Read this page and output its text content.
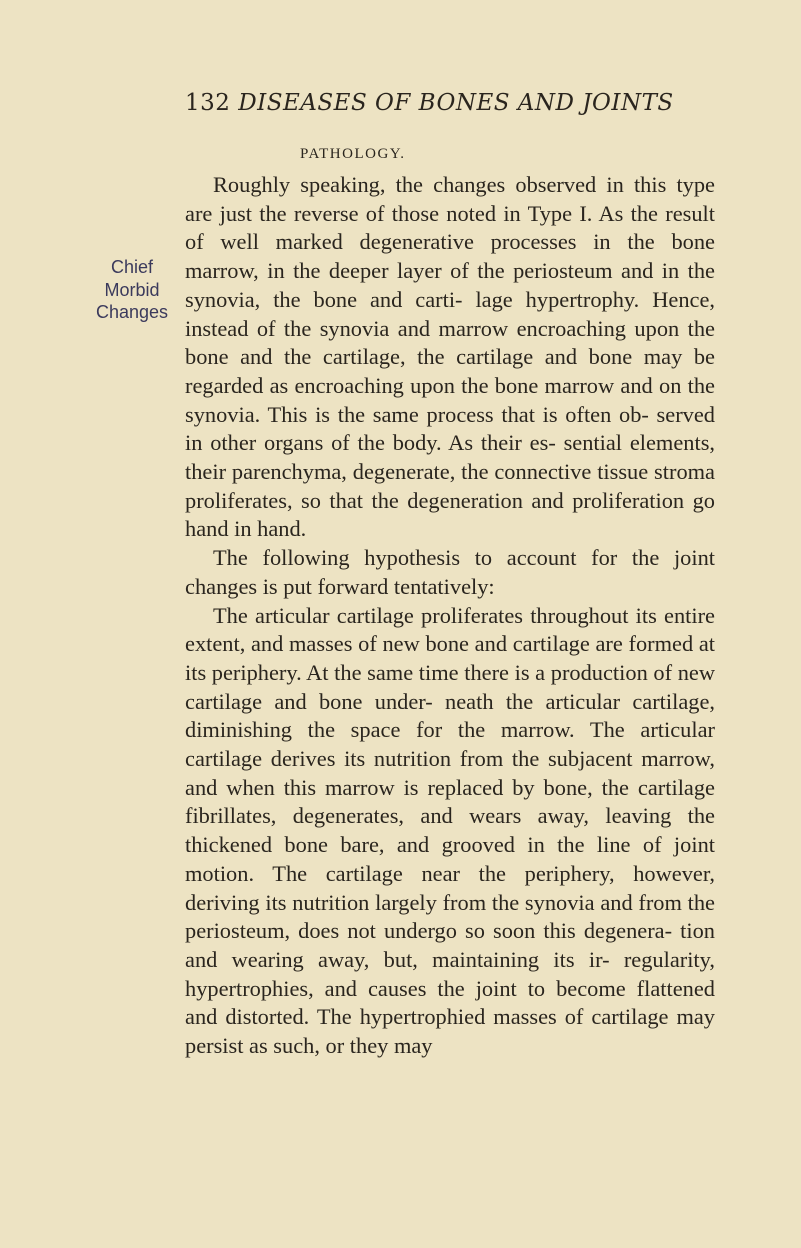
132 DISEASES OF BONES AND JOINTS
PATHOLOGY.
Chief
Morbid
Changes

Roughly speaking, the changes observed in this type are just the reverse of those noted in Type I. As the result of well marked degenerative processes in the bone marrow, in the deeper layer of the periosteum and in the synovia, the bone and carti- lage hypertrophy. Hence, instead of the synovia and marrow encroaching upon the bone and the cartilage, the cartilage and bone may be regarded as encroaching upon the bone marrow and on the synovia. This is the same process that is often ob- served in other organs of the body. As their es- sential elements, their parenchyma, degenerate, the connective tissue stroma proliferates, so that the degeneration and proliferation go hand in hand.

The following hypothesis to account for the joint changes is put forward tentatively:

The articular cartilage proliferates throughout its entire extent, and masses of new bone and cartilage are formed at its periphery. At the same time there is a production of new cartilage and bone under- neath the articular cartilage, diminishing the space for the marrow. The articular cartilage derives its nutrition from the subjacent marrow, and when this marrow is replaced by bone, the cartilage fibrillates, degenerates, and wears away, leaving the thickened bone bare, and grooved in the line of joint motion. The cartilage near the periphery, however, deriving its nutrition largely from the synovia and from the periosteum, does not undergo so soon this degenera- tion and wearing away, but, maintaining its ir- regularity, hypertrophies, and causes the joint to become flattened and distorted. The hypertrophied masses of cartilage may persist as such, or they may
